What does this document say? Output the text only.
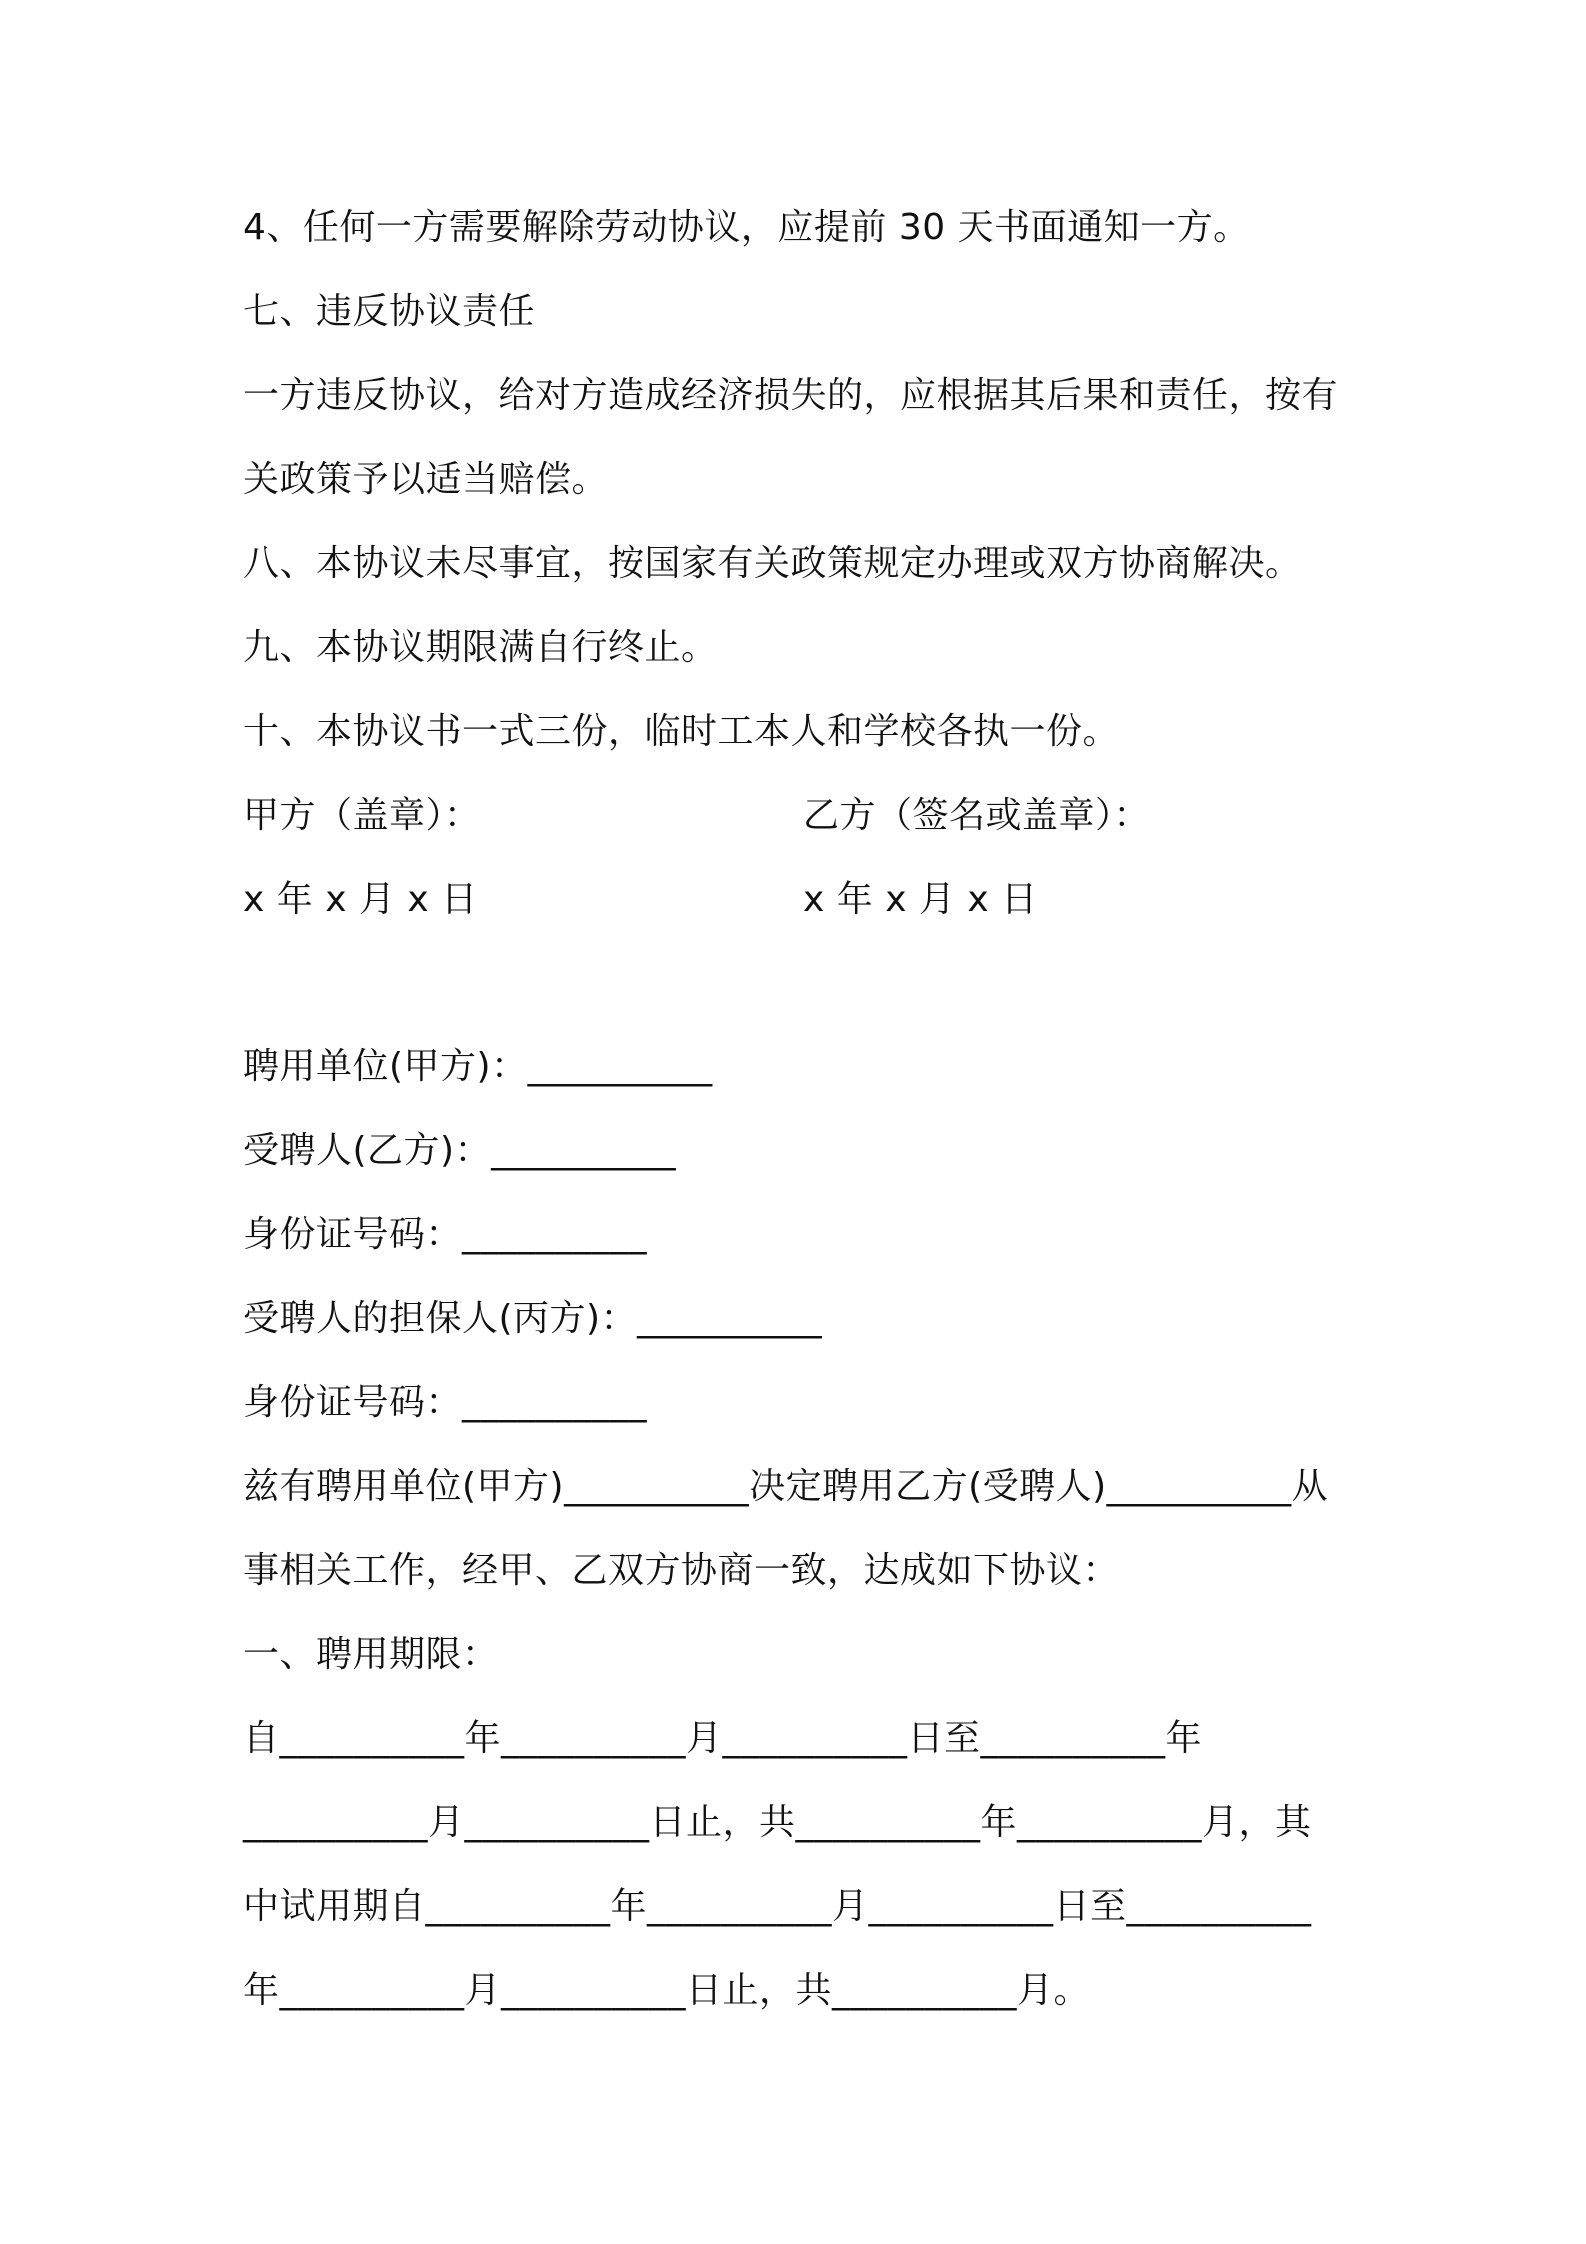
4、任何一方需要解除劳动协议，应提前 30 天书面通知一方。
七、违反协议责任
一方违反协议，给对方造成经济损失的，应根据其后果和责任，按有
关政策予以适当赔偿。
八、本协议未尽事宜，按国家有关政策规定办理或双方协商解决。
九、本协议期限满自行终止。
十、本协议书一式三份，临时工本人和学校各执一份。
甲方（盖章）：	乙方（签名或盖章）：
x 年 x 月 x 日	x 年 x 月 x 日
聘用单位(甲方)：__________
受聘人(乙方)：__________
身份证号码：__________
受聘人的担保人(丙方)：__________
身份证号码：__________
兹有聘用单位(甲方)__________决定聘用乙方(受聘人)__________从
事相关工作，经甲、乙双方协商一致，达成如下协议：
一、聘用期限：
自__________年__________月__________日至__________年
__________月__________日止，共__________年__________月，其
中试用期自__________年__________月__________日至__________
年__________月__________日止，共__________月。
